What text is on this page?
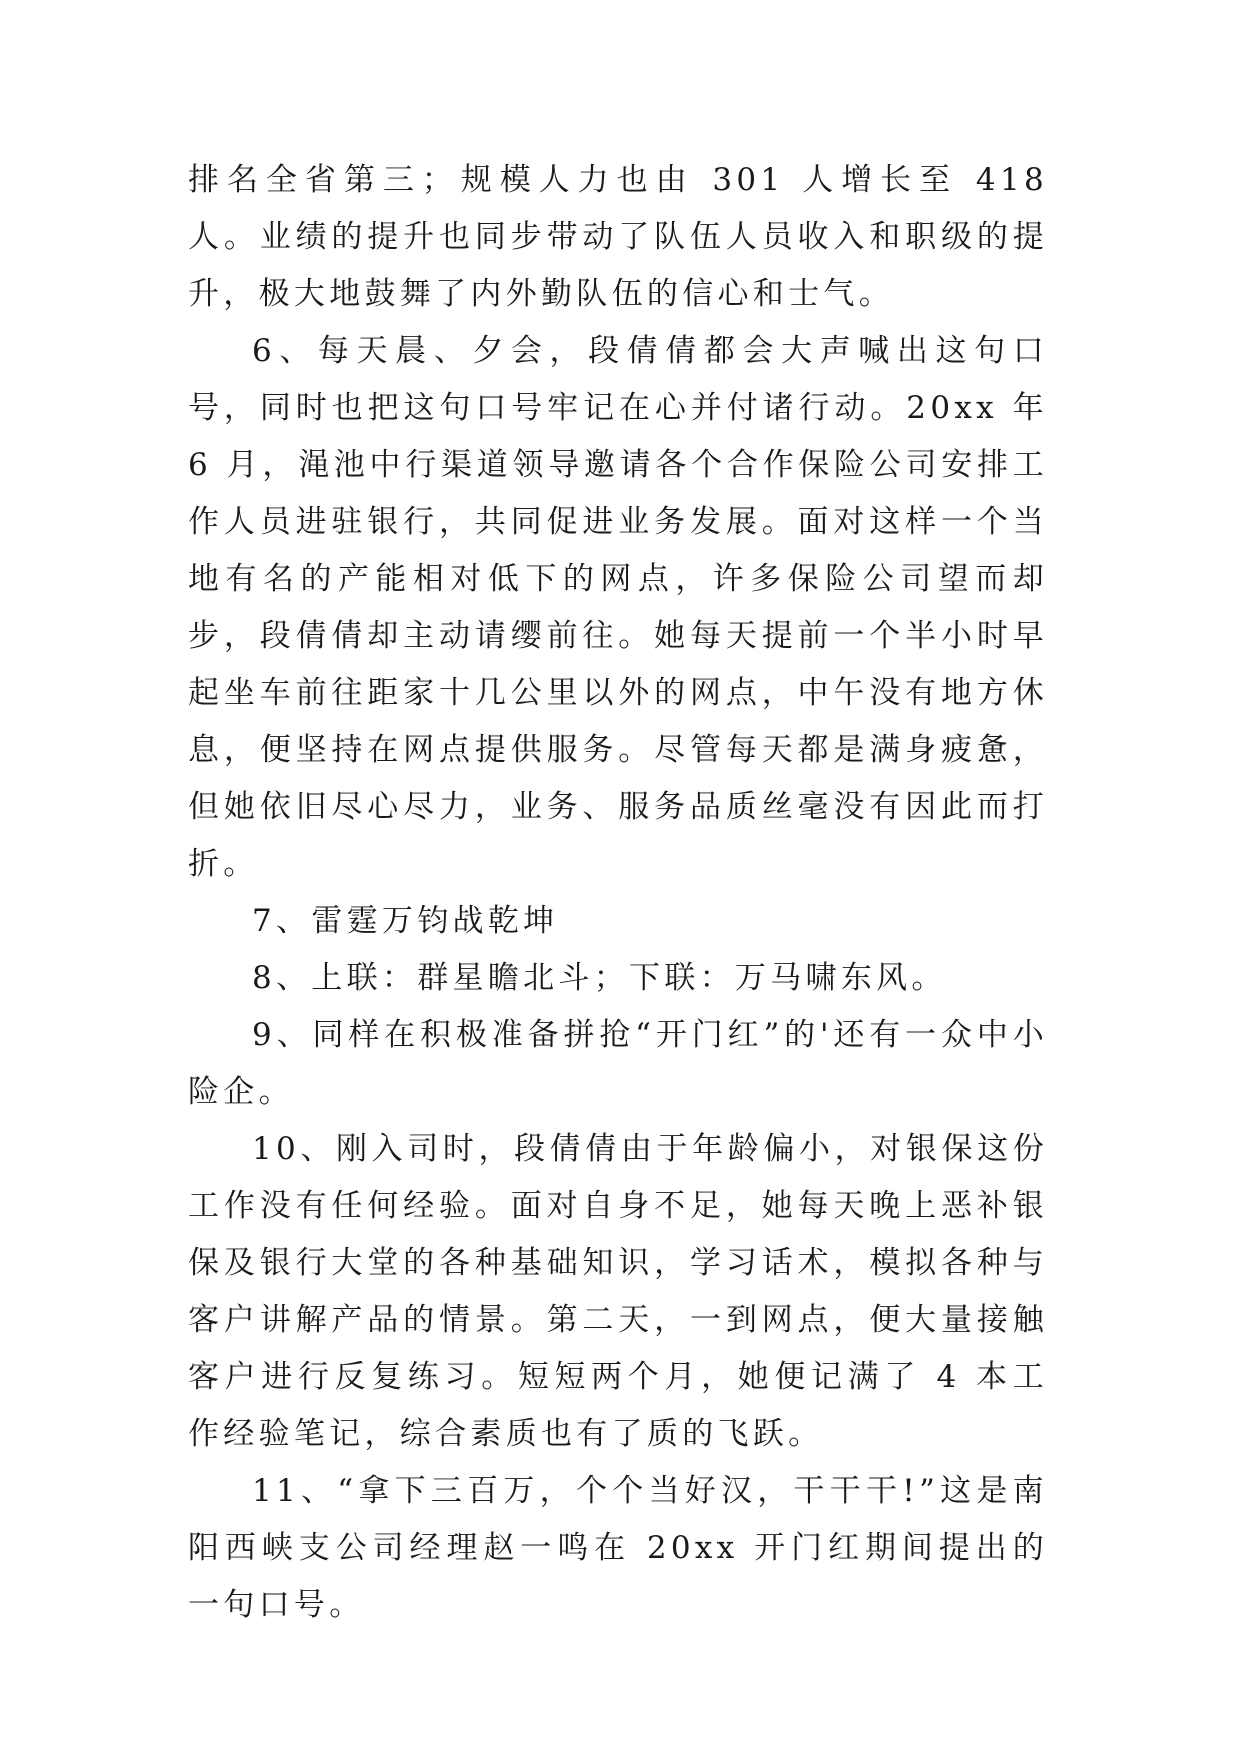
排名全省第三；规模人力也由 301 人增长至 418 人。业绩的提升也同步带动了队伍人员收入和职级的提升，极大地鼓舞了内外勤队伍的信心和士气。

6、每天晨、夕会，段倩倩都会大声喊出这句口号，同时也把这句口号牢记在心并付诸行动。20xx 年 6 月，渑池中行渠道领导邀请各个合作保险公司安排工作人员进驻银行，共同促进业务发展。面对这样一个当地有名的产能相对低下的网点，许多保险公司望而却步，段倩倩却主动请缨前往。她每天提前一个半小时早起坐车前往距家十几公里以外的网点，中午没有地方休息，便坚持在网点提供服务。尽管每天都是满身疲惫，但她依旧尽心尽力，业务、服务品质丝毫没有因此而打折。

7、雷霆万钧战乾坤

8、上联：群星瞻北斗；下联：万马啸东风。

9、同样在积极准备拼抢“开门红”的'还有一众中小险企。

10、刚入司时，段倩倩由于年龄偏小，对银保这份工作没有任何经验。面对自身不足，她每天晚上恶补银保及银行大堂的各种基础知识，学习话术，模拟各种与客户讲解产品的情景。第二天，一到网点，便大量接触客户进行反复练习。短短两个月，她便记满了 4 本工作经验笔记，综合素质也有了质的飞跃。

11、“拿下三百万，个个当好汉，干干干!”这是南阳西峡支公司经理赵一鸣在 20xx 开门红期间提出的一句口号。
